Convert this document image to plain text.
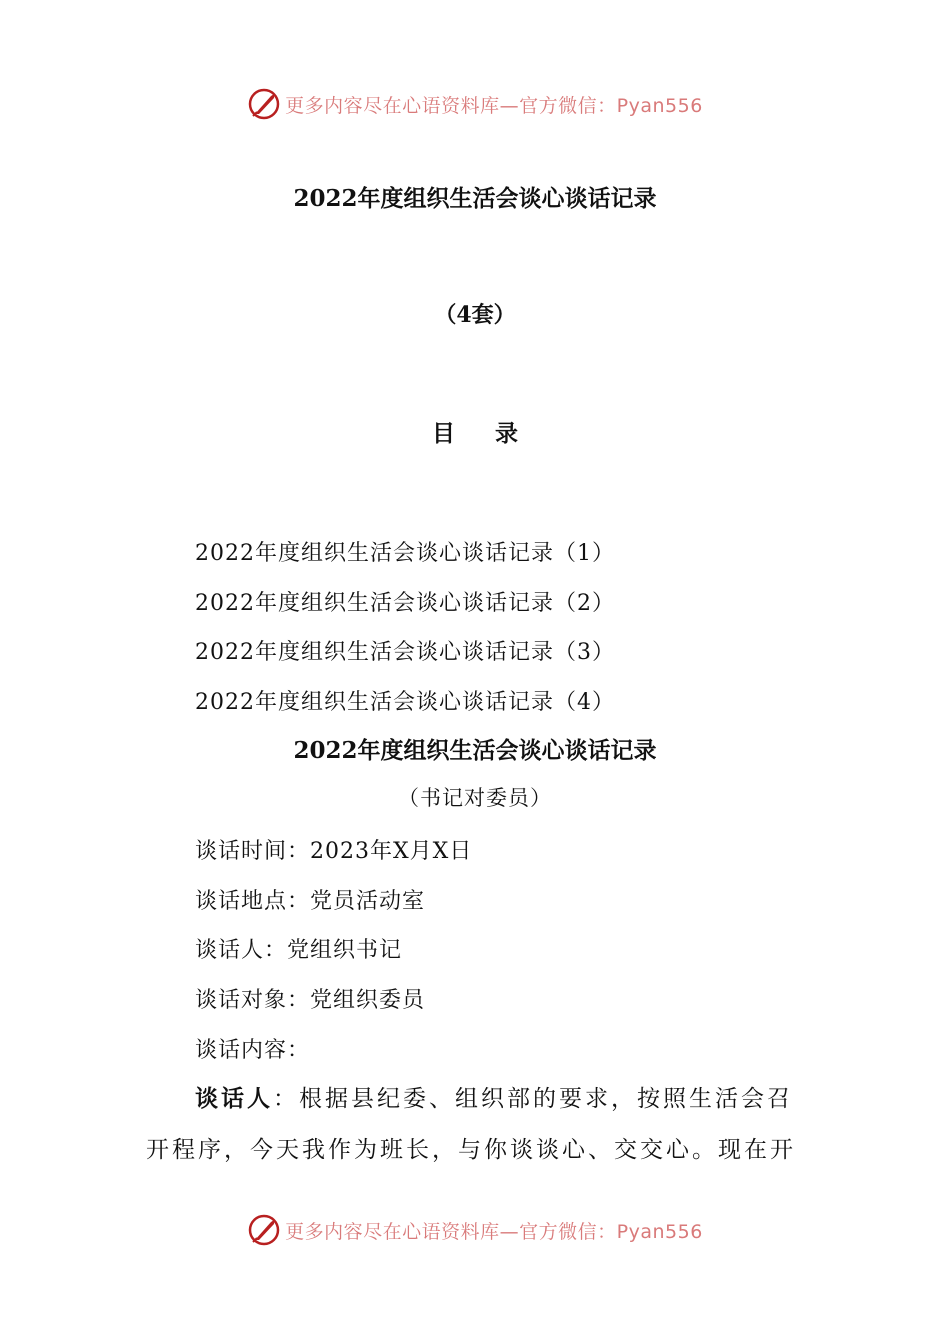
更多内容尽在心语资料库—官方微信：Pyan556
2022年度组织生活会谈心谈话记录
（4套）
目录
2022年度组织生活会谈心谈话记录（1）
2022年度组织生活会谈心谈话记录（2）
2022年度组织生活会谈心谈话记录（3）
2022年度组织生活会谈心谈话记录（4）
2022年度组织生活会谈心谈话记录
（书记对委员）
谈话时间：2023年X月X日
谈话地点：党员活动室
谈话人：党组织书记
谈话对象：党组织委员
谈话内容：
谈话人：根据县纪委、组织部的要求，按照生活会召
开程序，今天我作为班长，与你谈谈心、交交心。现在开
更多内容尽在心语资料库—官方微信：Pyan556
